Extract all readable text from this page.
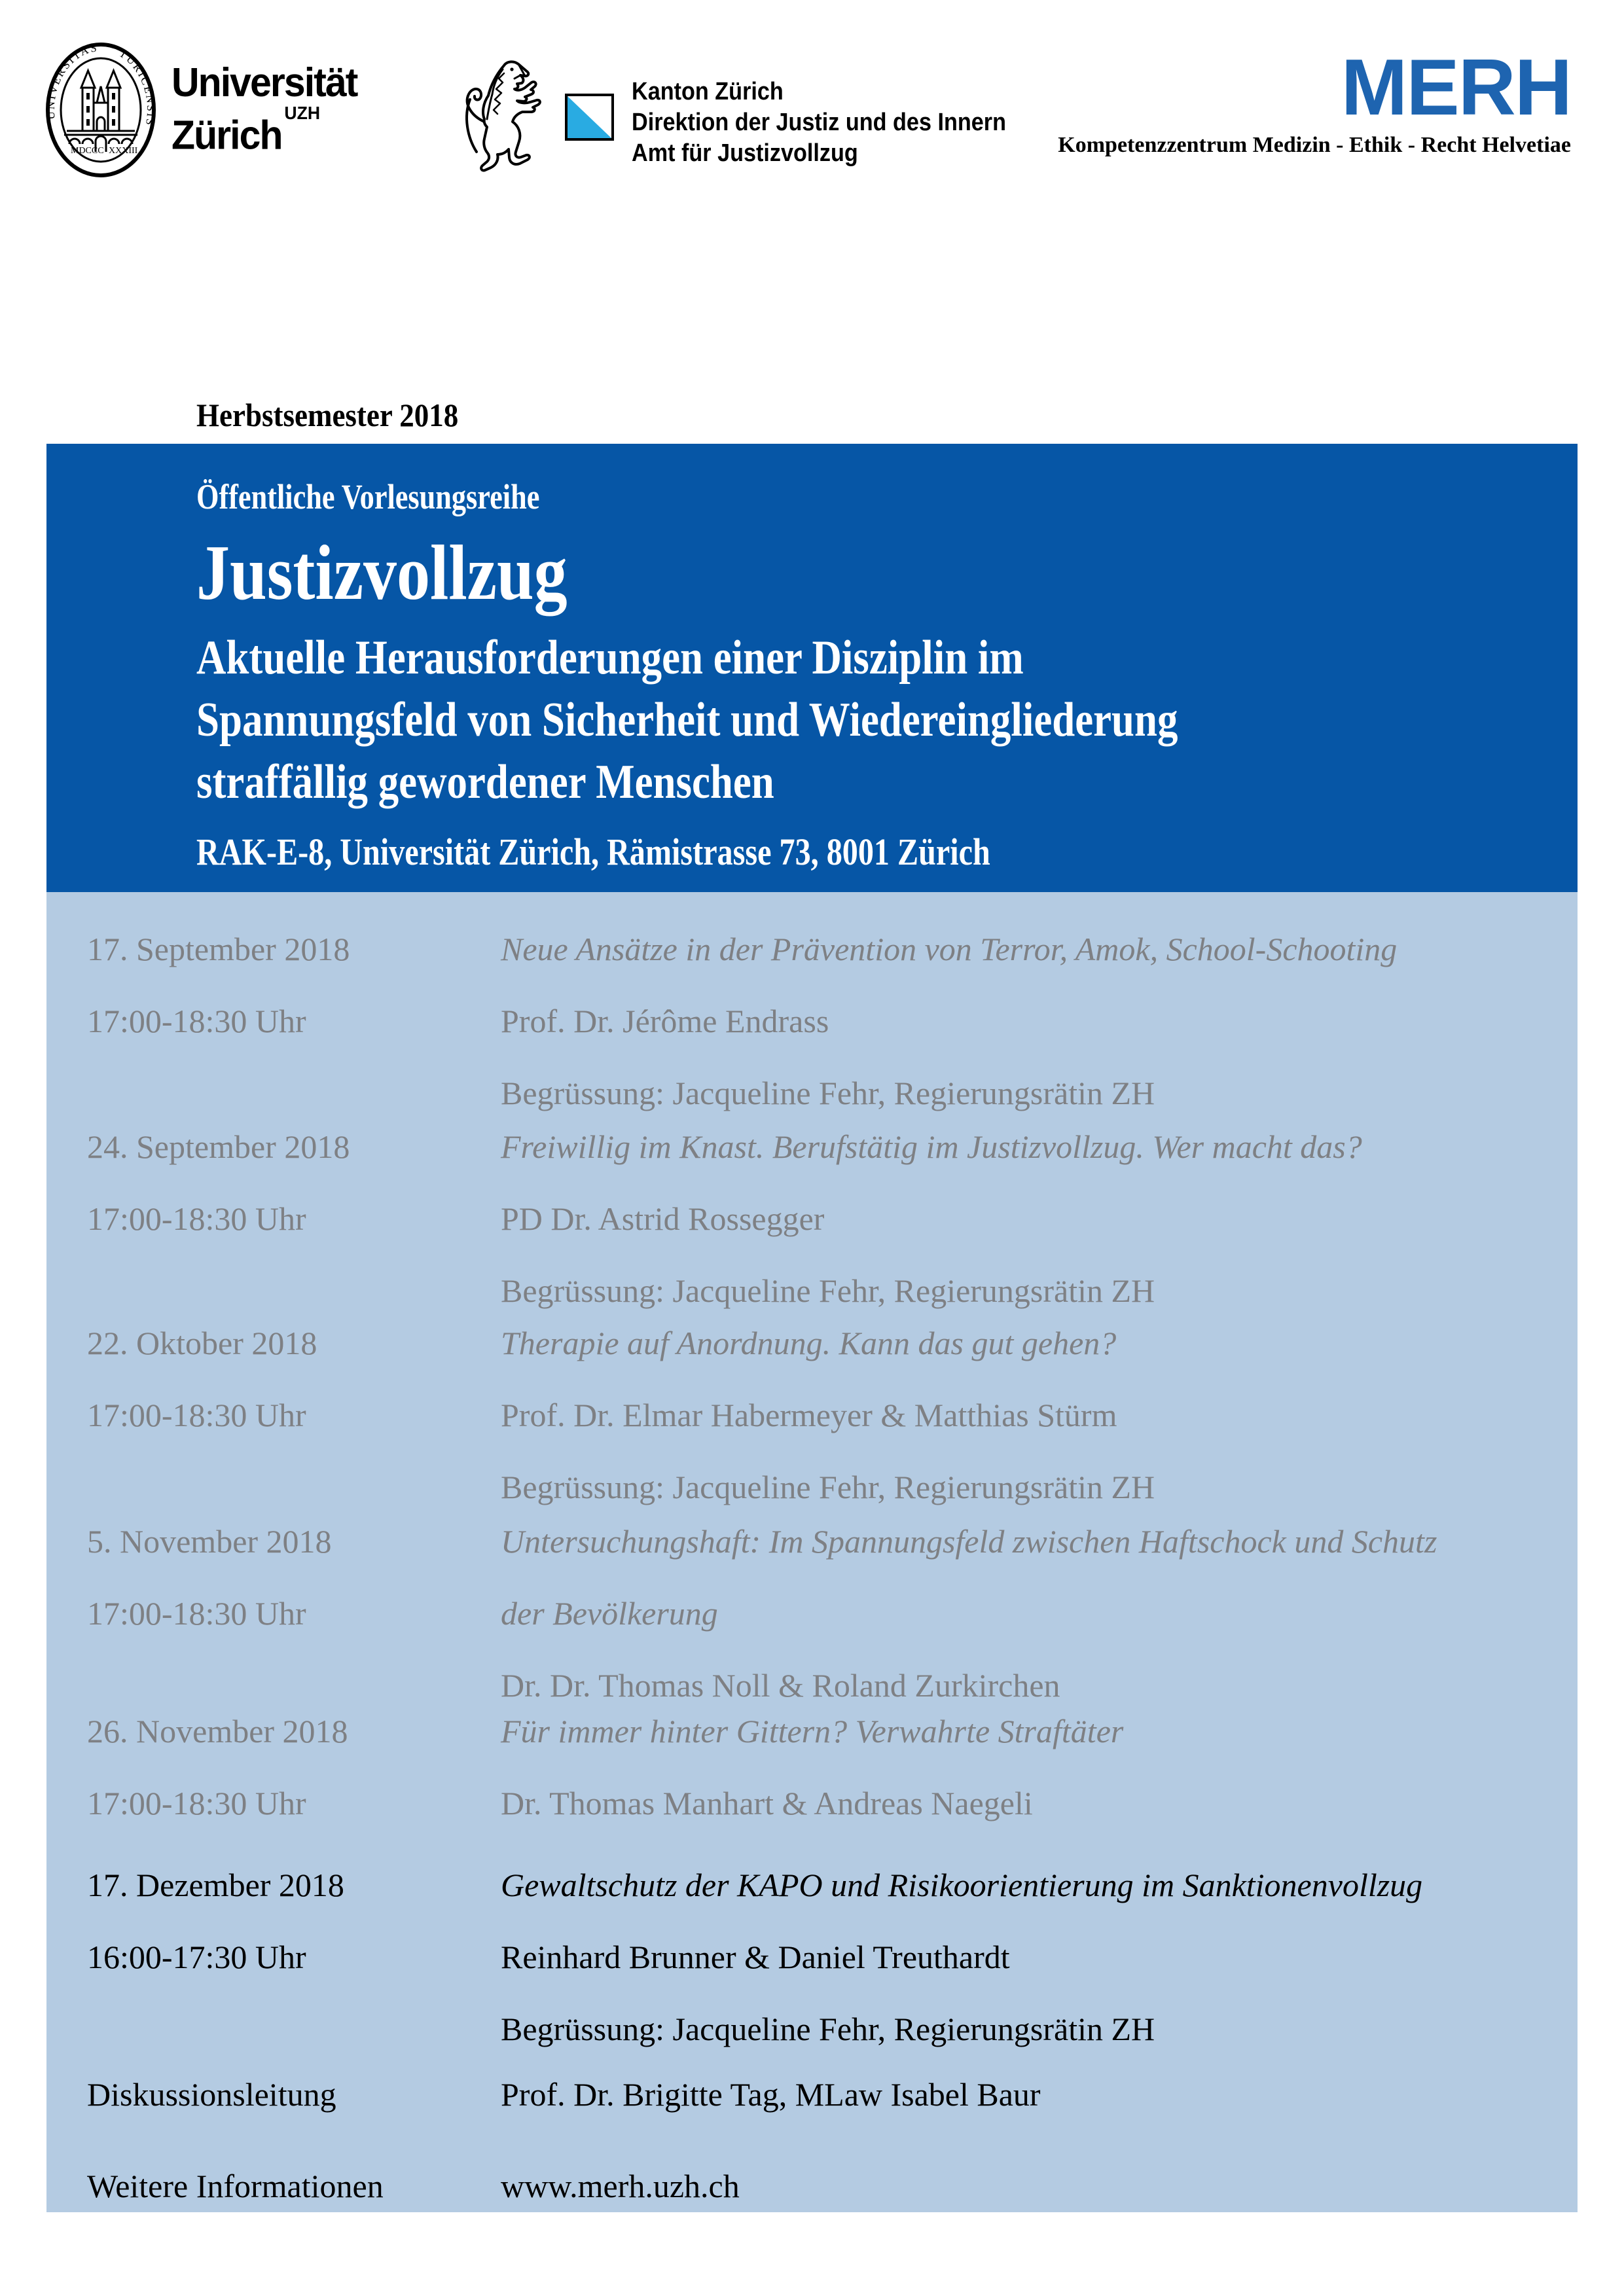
UNIVERSITAS TURICENSIS
MDCCC XXXIII
Universität
Zürich$^{UZH}$
Kanton Zürich
Direktion der Justiz und des Innern
Amt für Justizvollzug
MERH
Kompetenzzentrum Medizin - Ethik - Recht Helvetiae
Herbstsemester 2018
Öffentliche Vorlesungsreihe
Justizvollzug
Aktuelle Herausforderungen einer Disziplin im
Spannungsfeld von Sicherheit und Wiedereingliederung
straffällig gewordener Menschen
RAK-E-8, Universität Zürich, Rämistrasse 73, 8001 Zürich
17. September 2018
17:00-18:30 Uhr
Neue Ansätze in der Prävention von Terror, Amok, School-Schooting
Prof. Dr. Jérôme Endrass
Begrüssung: Jacqueline Fehr, Regierungsrätin ZH
24. September 2018
17:00-18:30 Uhr
Freiwillig im Knast. Berufstätig im Justizvollzug. Wer macht das?
PD Dr. Astrid Rossegger
Begrüssung: Jacqueline Fehr, Regierungsrätin ZH
22. Oktober 2018
17:00-18:30 Uhr
Therapie auf Anordnung. Kann das gut gehen?
Prof. Dr. Elmar Habermeyer & Matthias Stürm
Begrüssung: Jacqueline Fehr, Regierungsrätin ZH
5. November 2018
17:00-18:30 Uhr
Untersuchungshaft: Im Spannungsfeld zwischen Haftschock und Schutz
der Bevölkerung
Dr. Dr. Thomas Noll & Roland Zurkirchen
26. November 2018
17:00-18:30 Uhr
Für immer hinter Gittern? Verwahrte Straftäter
Dr. Thomas Manhart & Andreas Naegeli
17. Dezember 2018
16:00-17:30 Uhr
Gewaltschutz der KAPO und Risikoorientierung im Sanktionenvollzug
Reinhard Brunner & Daniel Treuthardt
Begrüssung: Jacqueline Fehr, Regierungsrätin ZH
Diskussionsleitung	Prof. Dr. Brigitte Tag, MLaw Isabel Baur
Weitere Informationen	www.merh.uzh.ch
